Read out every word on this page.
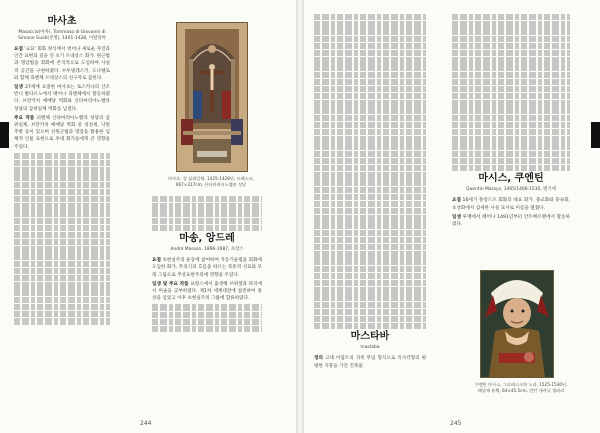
마사초
Masaccio(마차), Tommaso di Giovanni di Simone Guidi(본명), 1401-1428, 이탈리아

요점 '교묘' 회화 양식에서 벗어나 새로운 자연과 인간 표현의 길을 연 초기 르네상스 화가. 원근법과 명암법을 회화에 본격적으로 도입하여 사실적 공간을 구현하였다. 브루넬레스키, 도나텔로와 함께 피렌체 르네상스의 선구자로 꼽힌다.

일생 27세에 요절한 마사초는 토스카나의 산조반니 발다르노에서 태어나 피렌체에서 활동하였다. 브란카치 예배당 벽화와 산타마리아노벨라 성당의 삼위일체 벽화를 남겼다.

주요 작품 피렌체 산타마리아노벨라 성당의 삼위일체, 브란카치 예배당 벽화 중 성전세, 낙원 추방 등이 있으며 선원근법과 명암을 활용한 입체적 인물 표현으로 후대 화가들에게 큰 영향을 주었다.

마사초, 성 삼위일체, 1425-1428년, 프레스코, 667×317cm, 산타마리아노벨라 성당
마송, 앙드레
André Masson, 1896-1987, 프랑스

요점 초현실주의 운동에 참여하여 자동기술법을 회화에 도입한 화가. 무의식의 흐름을 따르는 즉흥적 선묘와 모래 그림으로 추상표현주의에 영향을 주었다.

일생 및 주요 작품 프랑스에서 출생해 브뤼셀과 파리에서 미술을 공부하였다. 제1차 세계대전에 참전하여 중상을 입었고 이후 초현실주의 그룹에 합류하였다.

244
마스타바
mastaba

정의 고대 이집트의 귀족 무덤 형식으로 직사각형의 평평한 지붕을 가진 건축물.

마시스, 쿠엔틴
Quentin Massys, 1465/1466-1530, 벨기에

요점 16세기 플랑드르 회화의 대표 화가. 종교화와 풍속화, 초상화에서 섬세한 사실 묘사로 이름을 떨쳤다.

일생 루뱅에서 태어나 1491년부터 안트베르펜에서 활동하였다.

쿠엔틴 마시스, 그로테스크한 노파, 1525-1530년, 패널에 유채, 64×45.5cm, 런던 내셔널 갤러리
245
